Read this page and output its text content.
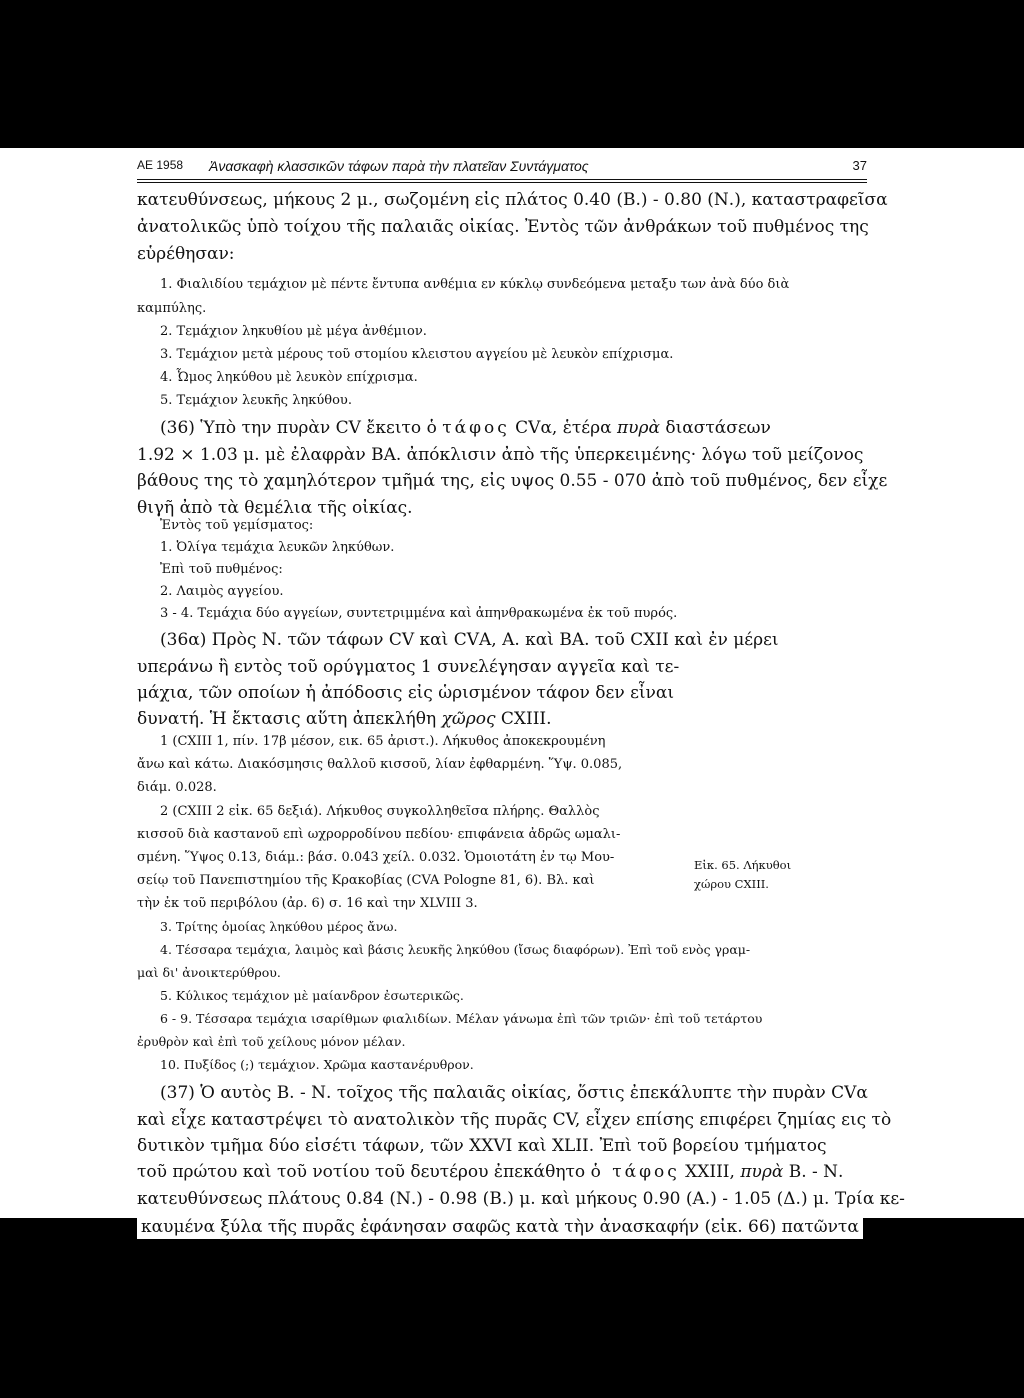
ΑΕ 1958 Ἀνασκαφὴ κλασσικῶν τάφων παρὰ τὴν πλατεῖαν Συντάγματος	37
κατευθύνσεως, μήκους 2 μ., σωζομένη εἰς πλάτος 0.40 (Β.) - 0.80 (Ν.), καταστραφεῖσα
ἀνατολικῶς ὑπὸ τοίχου τῆς παλαιᾶς οἰκίας. Ἐντὸς τῶν ἀνθράκων τοῦ πυθμένος της
εὑρέθησαν:
1. Φιαλιδίου τεμάχιον μὲ πέντε ἔντυπα ανθέμια εν κύκλῳ συνδεόμενα μεταξυ των ἀνὰ δύο διὰ
καμπύλης.
2. Τεμάχιον ληκυθίου μὲ μέγα ἀνθέμιον.
3. Τεμάχιον μετὰ μέρους τοῦ στομίου κλειστου αγγείου μὲ λευκὸν επίχρισμα.
4. Ὦμος ληκύθου μὲ λευκὸν επίχρισμα.
5. Τεμάχιον λευκῆς ληκύθου.
(36) Ὑπὸ την πυρὰν CV ἔκειτο ὁ τάφος CVα, ἑτέρα πυρὰ διαστάσεων
1.92 × 1.03 μ. μὲ ἐλαφρὰν ΒΑ. ἀπόκλισιν ἀπὸ τῆς ὑπερκειμένης· λόγω τοῦ μείζονος
βάθους της τὸ χαμηλότερον τμῆμά της, εἰς υψος 0.55 - 070 ἀπὸ τοῦ πυθμένος, δεν εἶχε
θιγῆ ἀπὸ τὰ θεμέλια τῆς οἰκίας.
Ἐντὸς τοῦ γεμίσματος:
1. Ὀλίγα τεμάχια λευκῶν ληκύθων.
Ἐπὶ τοῦ πυθμένος:
2. Λαιμὸς αγγείου.
3 - 4. Τεμάχια δύο αγγείων, συντετριμμένα καὶ ἀπηνθρακωμένα ἐκ τοῦ πυρός.
(36α) Πρὸς Ν. τῶν τάφων CV καὶ CVΑ, Α. καὶ ΒΑ. τοῦ CXII καὶ ἐν μέρει
υπεράνω ἢ εντὸς τοῦ ορύγματος 1 συνελέγησαν αγγεῖα καὶ τε-
μάχια, τῶν οποίων ἡ ἀπόδοσις εἰς ὡρισμένον τάφον δεν εἶναι
δυνατή. Ἡ ἔκτασις αὕτη ἀπεκλήθη χῶρος CXIII.
1 (CXIII 1, πίν. 17β μέσον, εικ. 65 ἀριστ.). Λήκυθος ἀποκεκρουμένη
ἄνω καὶ κάτω. Διακόσμησις θαλλοῦ κισσοῦ, λίαν ἐφθαρμένη. Ὕψ. 0.085,
διάμ. 0.028.
2 (CXIII 2 εἰκ. 65 δεξιά). Λήκυθος συγκολληθεῖσα πλήρης. Θαλλὸς
κισσοῦ διὰ καστανοῦ επὶ ωχρορροδίνου πεδίου· επιφάνεια ἀδρῶς ωμαλι-
σμένη. Ὕψος 0.13, διάμ.: βάσ. 0.043 χείλ. 0.032. Ὁμοιοτάτη ἐν τῳ Μου-
σείῳ τοῦ Πανεπιστημίου τῆς Κρακοβίας (CVA Pologne 81, 6). Βλ. καὶ
τὴν ἐκ τοῦ περιβόλου (ἀρ. 6) σ. 16 καὶ την XLVIII 3.
Εἰκ. 65. Λήκυθοι
χώρου CXIII.
3. Τρίτης ὁμοίας ληκύθου μέρος ἄνω.
4. Τέσσαρα τεμάχια, λαιμὸς καὶ βάσις λευκῆς ληκύθου (ἴσως διαφόρων). Ἐπὶ τοῦ ενὸς γραμ-
μαὶ δι' ἀνοικτερύθρου.
5. Κύλικος τεμάχιον μὲ μαίανδρον ἐσωτερικῶς.
6 - 9. Τέσσαρα τεμάχια ισαρίθμων φιαλιδίων. Μέλαν γάνωμα ἐπὶ τῶν τριῶν· ἐπὶ τοῦ τετάρτου
ἐρυθρὸν καὶ ἐπὶ τοῦ χείλους μόνον μέλαν.
10. Πυξίδος (;) τεμάχιον. Χρῶμα καστανέρυθρον.
(37) Ὁ αυτὸς Β. - Ν. τοῖχος τῆς παλαιᾶς οἰκίας, ὅστις ἐπεκάλυπτε τὴν πυρὰν CVα
καὶ εἶχε καταστρέψει τὸ ανατολικὸν τῆς πυρᾶς CV, εἶχεν επίσης επιφέρει ζημίας εις τὸ
δυτικὸν τμῆμα δύο εἰσέτι τάφων, τῶν XXVI καὶ XLII. Ἐπὶ τοῦ βορείου τμήματος
τοῦ πρώτου καὶ τοῦ νοτίου τοῦ δευτέρου ἐπεκάθητο ὁ τάφος XXIII, πυρὰ Β. - Ν.
κατευθύνσεως πλάτους 0.84 (Ν.) - 0.98 (Β.) μ. καὶ μήκους 0.90 (Α.) - 1.05 (Δ.) μ. Τρία κε-
καυμένα ξύλα τῆς πυρᾶς ἐφάνησαν σαφῶς κατὰ τὴν ἀνασκαφήν (εἰκ. 66) πατῶντα
